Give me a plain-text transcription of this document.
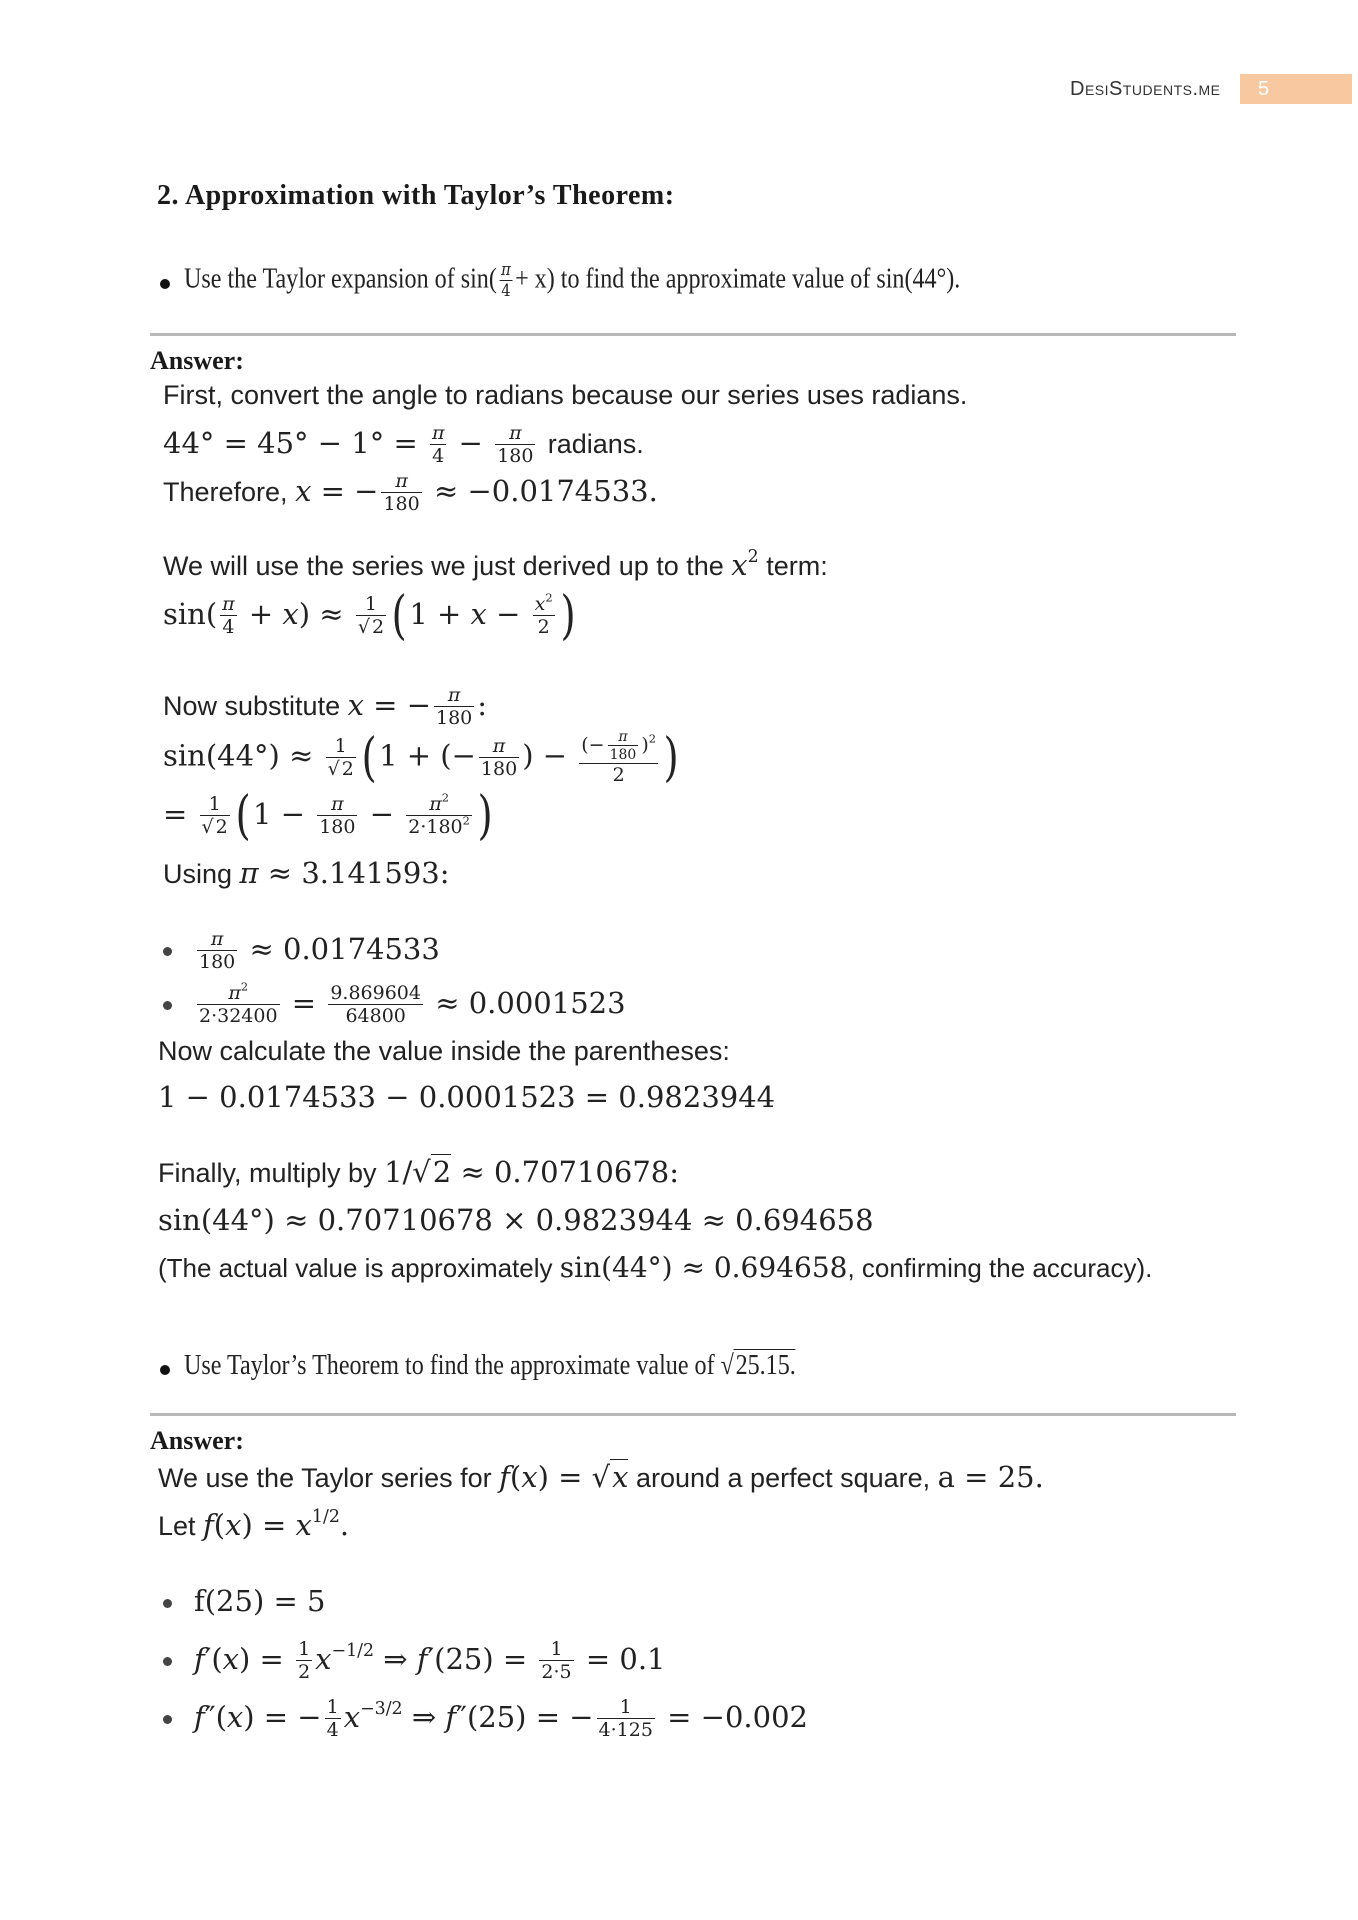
DesiStudents.me	5
2. Approximation with Taylor’s Theorem:
Use the Taylor expansion of $\sin( \frac{\pi}{4} + x)$ to find the approximate value of sin(44°).
Answer:
First, convert the angle to radians because our series uses radians.
$44^\circ = 45^\circ - 1^\circ = \frac{\pi}{4} - \frac{\pi}{180}$ radians.
Therefore, x = − $\frac{\pi}{180} \approx -0.0174533$.
We will use the series we just derived up to the $x^2$ term:
$\sin( \frac{\pi}{4} + x) \approx \frac{1}{√ 2} (1 + x - \frac{x^2}{2}$ )
Now substitute x = − $\frac{\pi}{180}$ :
$\sin(44^\circ) \approx \frac{1}{√ 2} (1$ + (− $\frac{\pi}{180}$ ) − $\frac{(- \frac{\pi}{180} )^2}{2}$ )
= $\frac{1}{√ 2} (1 - \frac{\pi}{180} - \frac{\pi^2}{2\cdot 180^2}$ )
Using π ≈ 3.141593:
$\frac{\pi}{180} \approx 0.0174533$
$\frac{\pi^2}{2\cdot 32400} = \frac{9.869604}{64800} \approx 0.0001523$
Now calculate the value inside the parentheses:
1 − 0.0174533 − 0.0001523 = 0.9823944
Finally, multiply by 1/√2 ≈ 0.70710678:
sin(44°) ≈ 0.70710678 × 0.9823944 ≈ 0.694658
(The actual value is approximately sin(44°) ≈ 0.694658, confirming the accuracy).
Use Taylor’s Theorem to find the approximate value of √25.15.
Answer:
We use the Taylor series for f(x) = √x around a perfect square, a = 25.
Let $f(x) = x^{1/2}$.
f(25) = 5
$f'(x) = \frac{1}{2} x^{-1/2}$ ⇒ $f'(25) = \frac{1}{2\cdot 5} = 0.1$
f″(x) = − $\frac{1}{4} x^{-3/2}$ ⇒ f″(25) = − $\frac{1}{4\cdot 125} = -0.002$
